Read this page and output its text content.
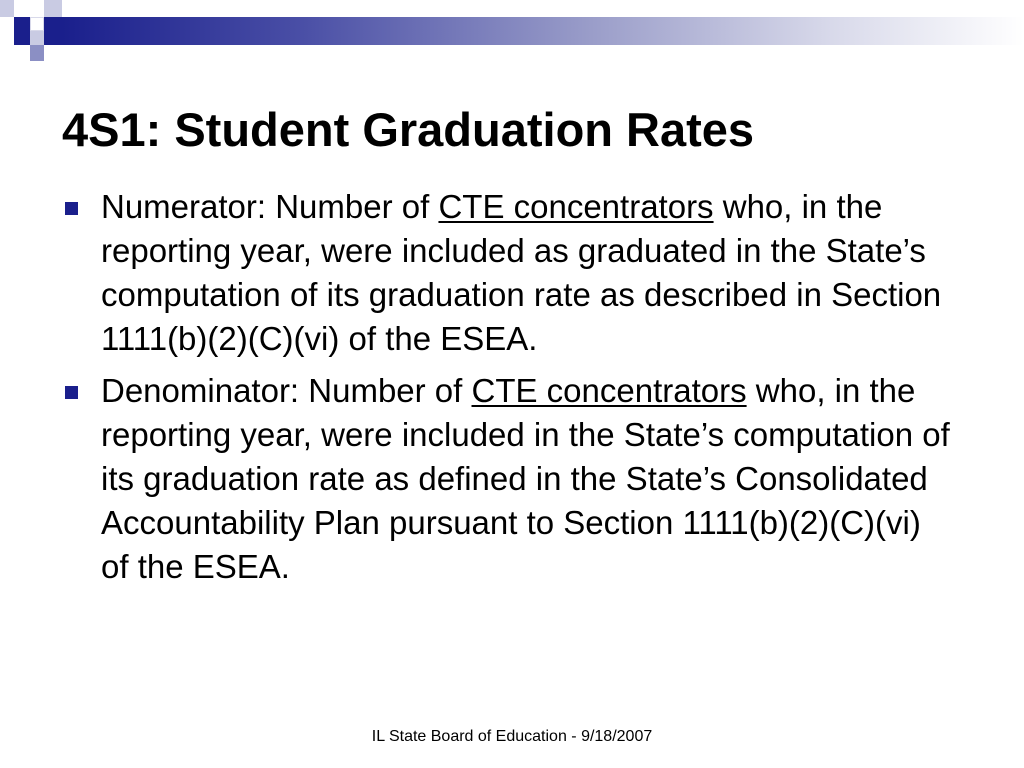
4S1: Student Graduation Rates
Numerator: Number of CTE concentrators who, in the reporting year, were included as graduated in the State’s computation of its graduation rate as described in Section 1111(b)(2)(C)(vi) of the ESEA.
Denominator: Number of CTE concentrators who, in the reporting year, were included in the State’s computation of its graduation rate as defined in the State’s Consolidated Accountability Plan pursuant to Section 1111(b)(2)(C)(vi) of the ESEA.
IL State Board of Education - 9/18/2007
